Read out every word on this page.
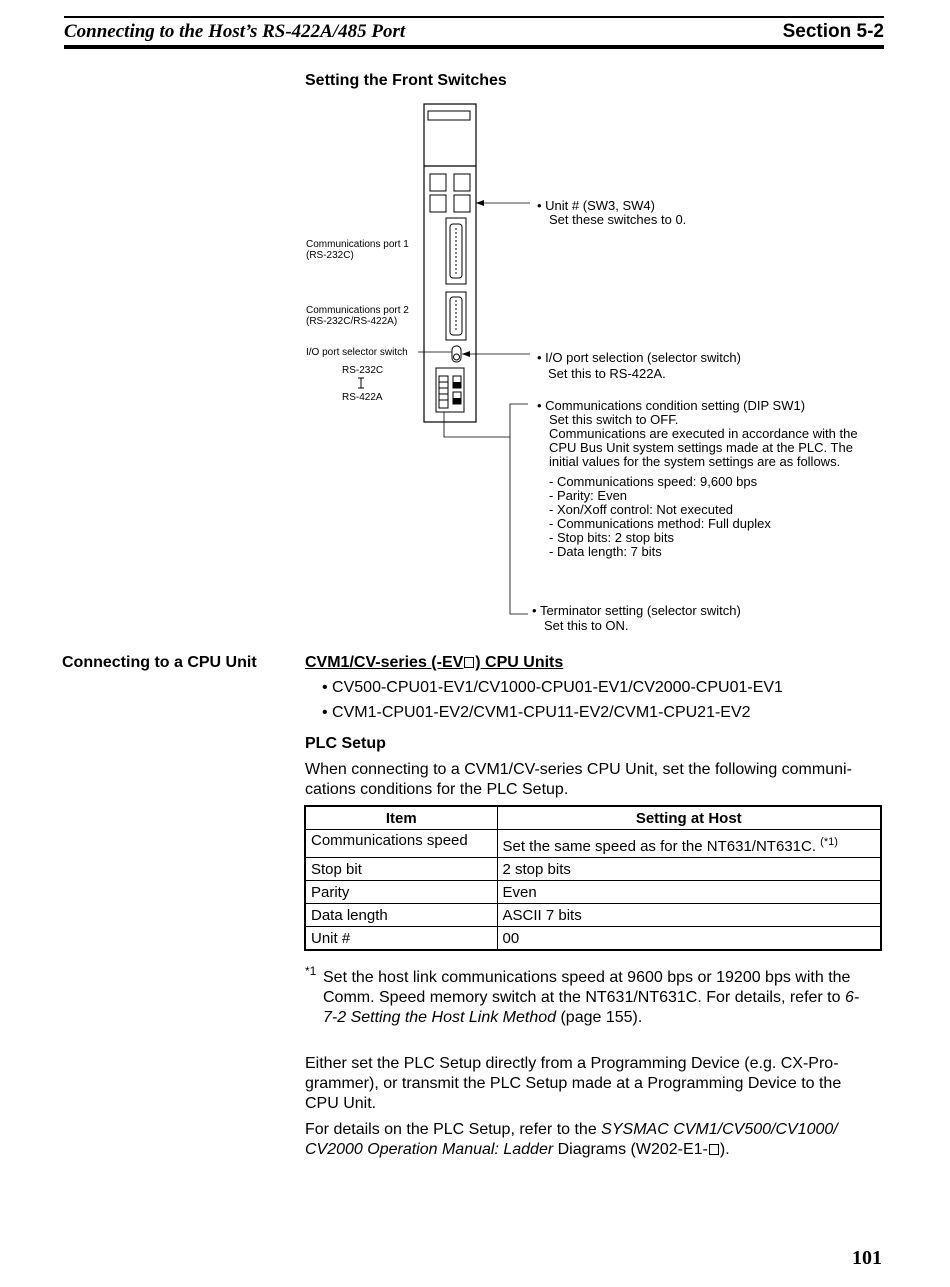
Connecting to the Host’s RS-422A/485 Port	Section 5-2
Setting the Front Switches
Communications port 1
(RS-232C)
Communications port 2
(RS-232C/RS-422A)
I/O port selector switch
RS-232C
RS-422A
• Unit # (SW3, SW4)
Set these switches to 0.
• I/O port selection (selector switch)
Set this to RS-422A.
• Communications condition setting (DIP SW1)
Set this switch to OFF.
Communications are executed in accordance with the
CPU Bus Unit system settings made at the PLC. The
initial values for the system settings are as follows.
- Communications speed: 9,600 bps
- Parity: Even
- Xon/Xoff control: Not executed
- Communications method: Full duplex
- Stop bits: 2 stop bits
- Data length: 7 bits
• Terminator setting (selector switch)
Set this to ON.
Connecting to a CPU Unit	CVM1/CV-series (-EV ) CPU Units
• CV500-CPU01-EV1/CV1000-CPU01-EV1/CV2000-CPU01-EV1
• CVM1-CPU01-EV2/CVM1-CPU11-EV2/CVM1-CPU21-EV2
PLC Setup
When connecting to a CVM1/CV-series CPU Unit, set the following communi-
cations conditions for the PLC Setup.
Item	Setting at Host
Communications speed	Set the same speed as for the NT631/NT631C. $^{(*1)}$
Stop bit	2 stop bits
Parity	Even
Data length	ASCII 7 bits
Unit #	00
*1 Set the host link communications speed at 9600 bps or 19200 bps with the
Comm. Speed memory switch at the NT631/NT631C. For details, refer to 6-
7-2 Setting the Host Link Method (page 155).
Either set the PLC Setup directly from a Programming Device (e.g. CX-Pro-
grammer), or transmit the PLC Setup made at a Programming Device to the
CPU Unit.
For details on the PLC Setup, refer to the SYSMAC CVM1/CV500/CV1000/
CV2000 Operation Manual: Ladder Diagrams (W202-E1- ).
101
